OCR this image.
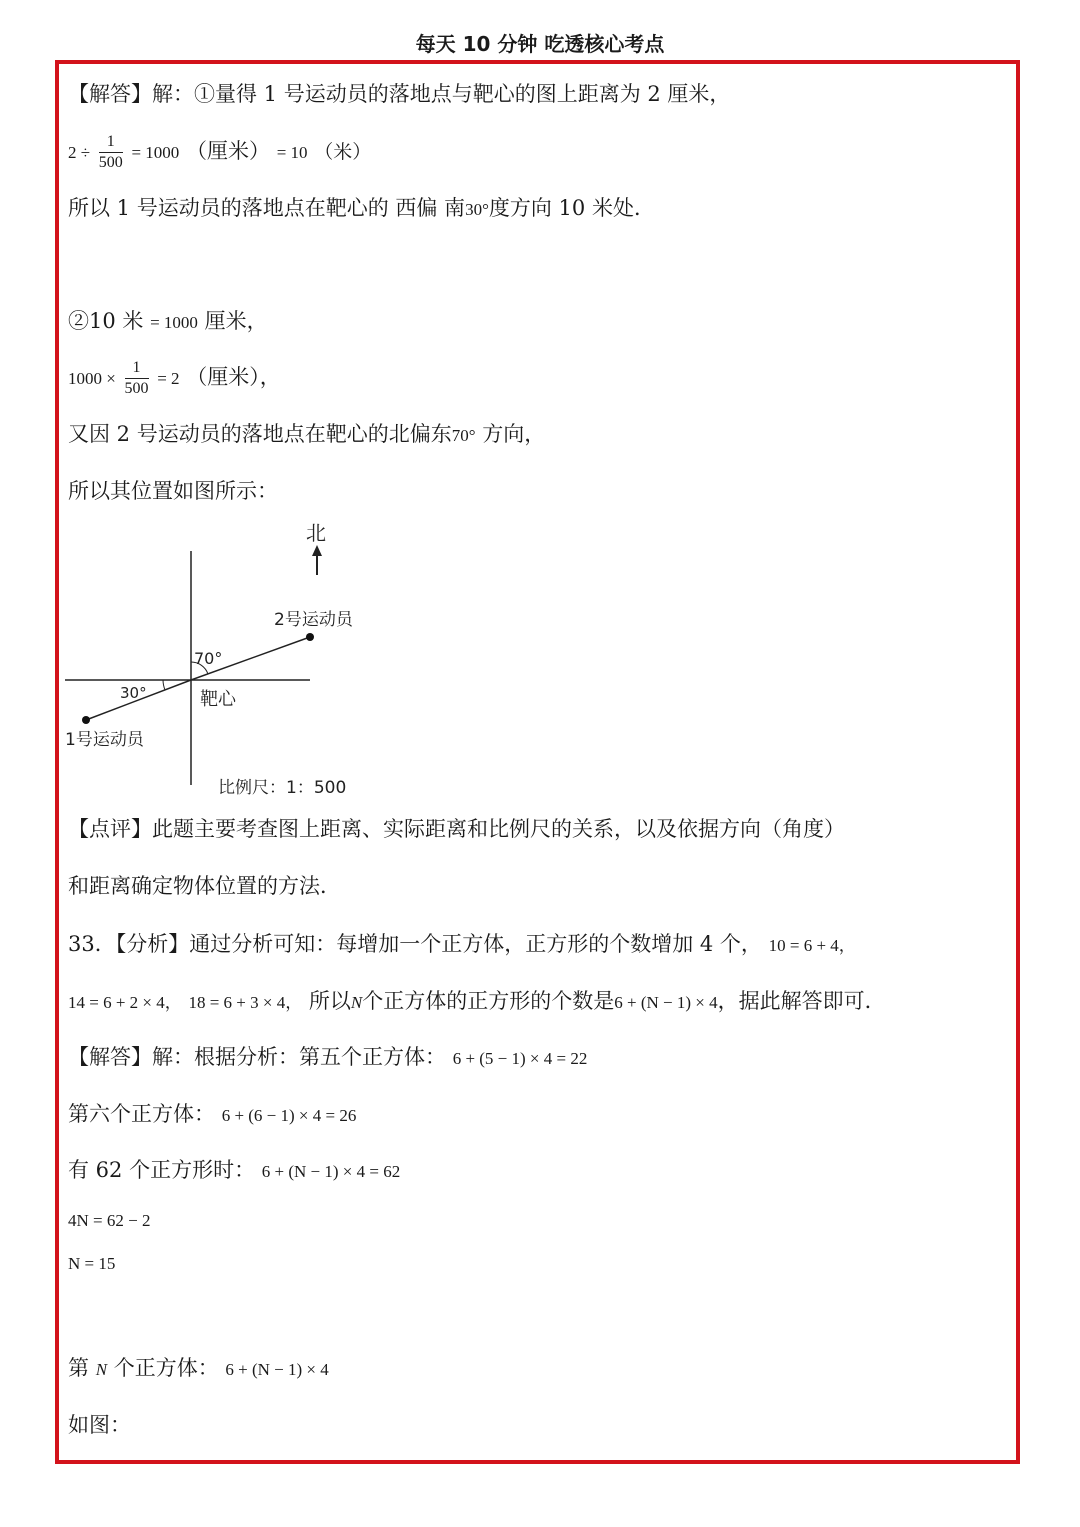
每天 10 分钟 吃透核心考点
【解答】解：①量得 1 号运动员的落地点与靶心的图上距离为 2 厘米，
$2 \div \frac{1}{500} = 1000$ （厘米） = 10 （米）
所以 1 号运动员的落地点在靶心的 西偏 南30°度方向 10 米处．
②10 米 = 1000 厘米，
$1000 \times \frac{1}{500} = 2$ （厘米），
又因 2 号运动员的落地点在靶心的北偏东70° 方向，
所以其位置如图所示：
北
2号运动员
70°
1号运动员
30°	靶心
比例尺：1：500
【点评】此题主要考查图上距离、实际距离和比例尺的关系，以及依据方向（角度）
和距离确定物体位置的方法．
33．【分析】通过分析可知：每增加一个正方体，正方形的个数增加 4 个， 10 = 6 + 4，
14 = 6 + 2 × 4， 18 = 6 + 3 × 4， 所以N个正方体的正方形的个数是6 + (N − 1) × 4，据此解答即可．
【解答】解：根据分析：第五个正方体： 6 + (5 − 1) × 4 = 22
第六个正方体： 6 + (6 − 1) × 4 = 26
有 62 个正方形时： 6 + (N − 1) × 4 = 62
4N = 62 − 2
N = 15
第 N 个正方体： 6 + (N − 1) × 4
如图：
